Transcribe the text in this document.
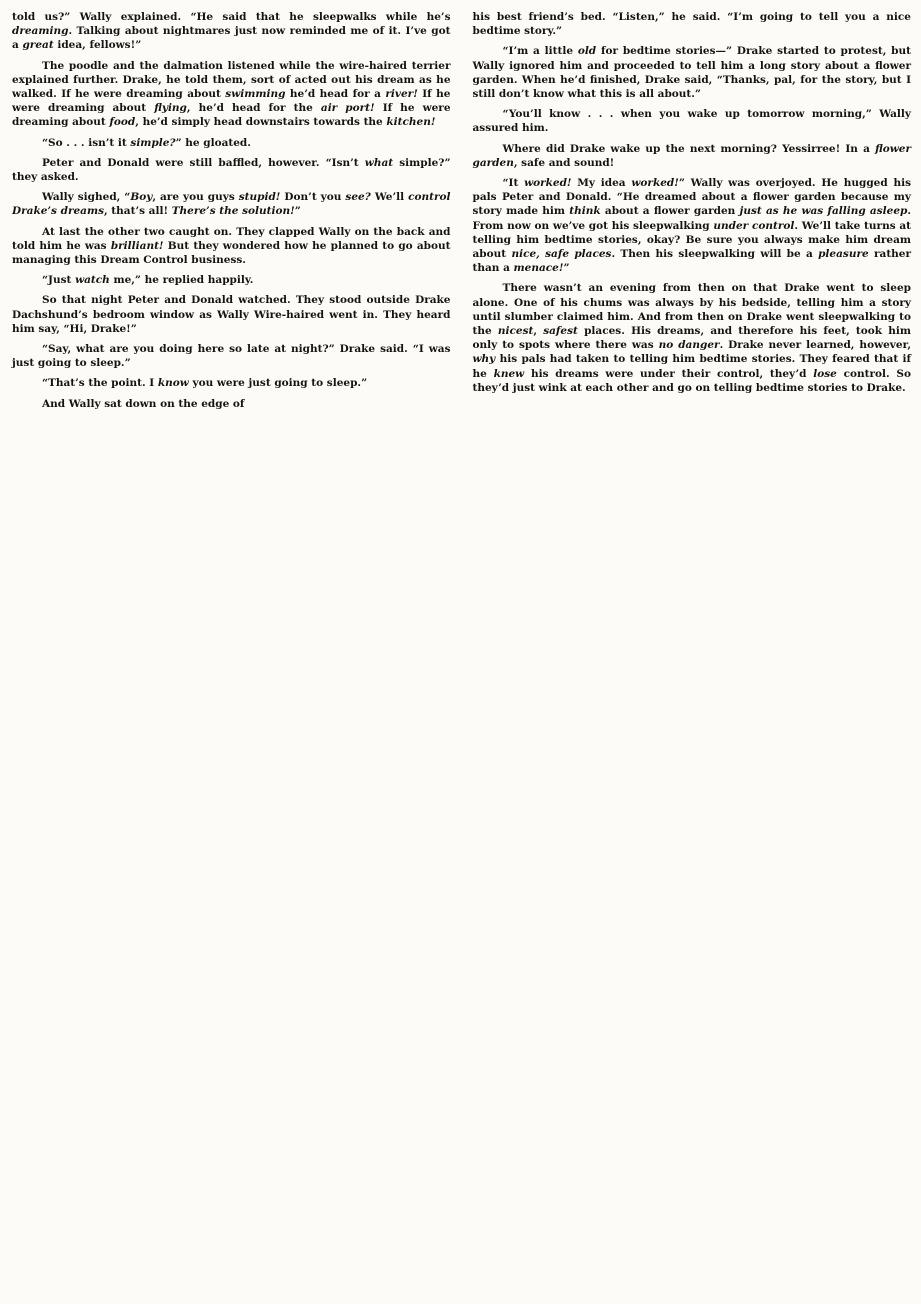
told us?” Wally explained. “He said that he sleepwalks while he’s dreaming. Talking about nightmares just now reminded me of it. I’ve got a great idea, fellows!”

The poodle and the dalmation listened while the wire-haired terrier explained further. Drake, he told them, sort of acted out his dream as he walked. If he were dreaming about swimming he’d head for a river! If he were dreaming about flying, he’d head for the air port! If he were dreaming about food, he’d simply head downstairs towards the kitchen!

“So . . . isn’t it simple?” he gloated.

Peter and Donald were still baffled, however. “Isn’t what simple?” they asked.

Wally sighed, “Boy, are you guys stupid! Don’t you see? We’ll control Drake’s dreams, that’s all! There’s the solution!”

At last the other two caught on. They clapped Wally on the back and told him he was brilliant! But they wondered how he planned to go about managing this Dream Control business.

“Just watch me,” he replied happily.

So that night Peter and Donald watched. They stood outside Drake Dachshund’s bedroom window as Wally Wire-haired went in. They heard him say, “Hi, Drake!”

“Say, what are you doing here so late at night?” Drake said. “I was just going to sleep.”

“That’s the point. I know you were just going to sleep.”

And Wally sat down on the edge of

his best friend’s bed. “Listen,” he said. “I’m going to tell you a nice bedtime story.”

“I’m a little old for bedtime stories—” Drake started to protest, but Wally ignored him and proceeded to tell him a long story about a flower garden. When he’d finished, Drake said, “Thanks, pal, for the story, but I still don’t know what this is all about.”

“You’ll know . . . when you wake up tomorrow morning,” Wally assured him.

Where did Drake wake up the next morning? Yessirree! In a flower garden, safe and sound!

“It worked! My idea worked!” Wally was overjoyed. He hugged his pals Peter and Donald. “He dreamed about a flower garden because my story made him think about a flower garden just as he was falling asleep. From now on we’ve got his sleepwalking under control. We’ll take turns at telling him bedtime stories, okay? Be sure you always make him dream about nice, safe places. Then his sleepwalking will be a pleasure rather than a menace!”

There wasn’t an evening from then on that Drake went to sleep alone. One of his chums was always by his bedside, telling him a story until slumber claimed him. And from then on Drake went sleepwalking to the nicest, safest places. His dreams, and therefore his feet, took him only to spots where there was no danger. Drake never learned, however, why his pals had taken to telling him bedtime stories. They feared that if he knew his dreams were under their control, they’d lose control. So they’d just wink at each other and go on telling bedtime stories to Drake.
